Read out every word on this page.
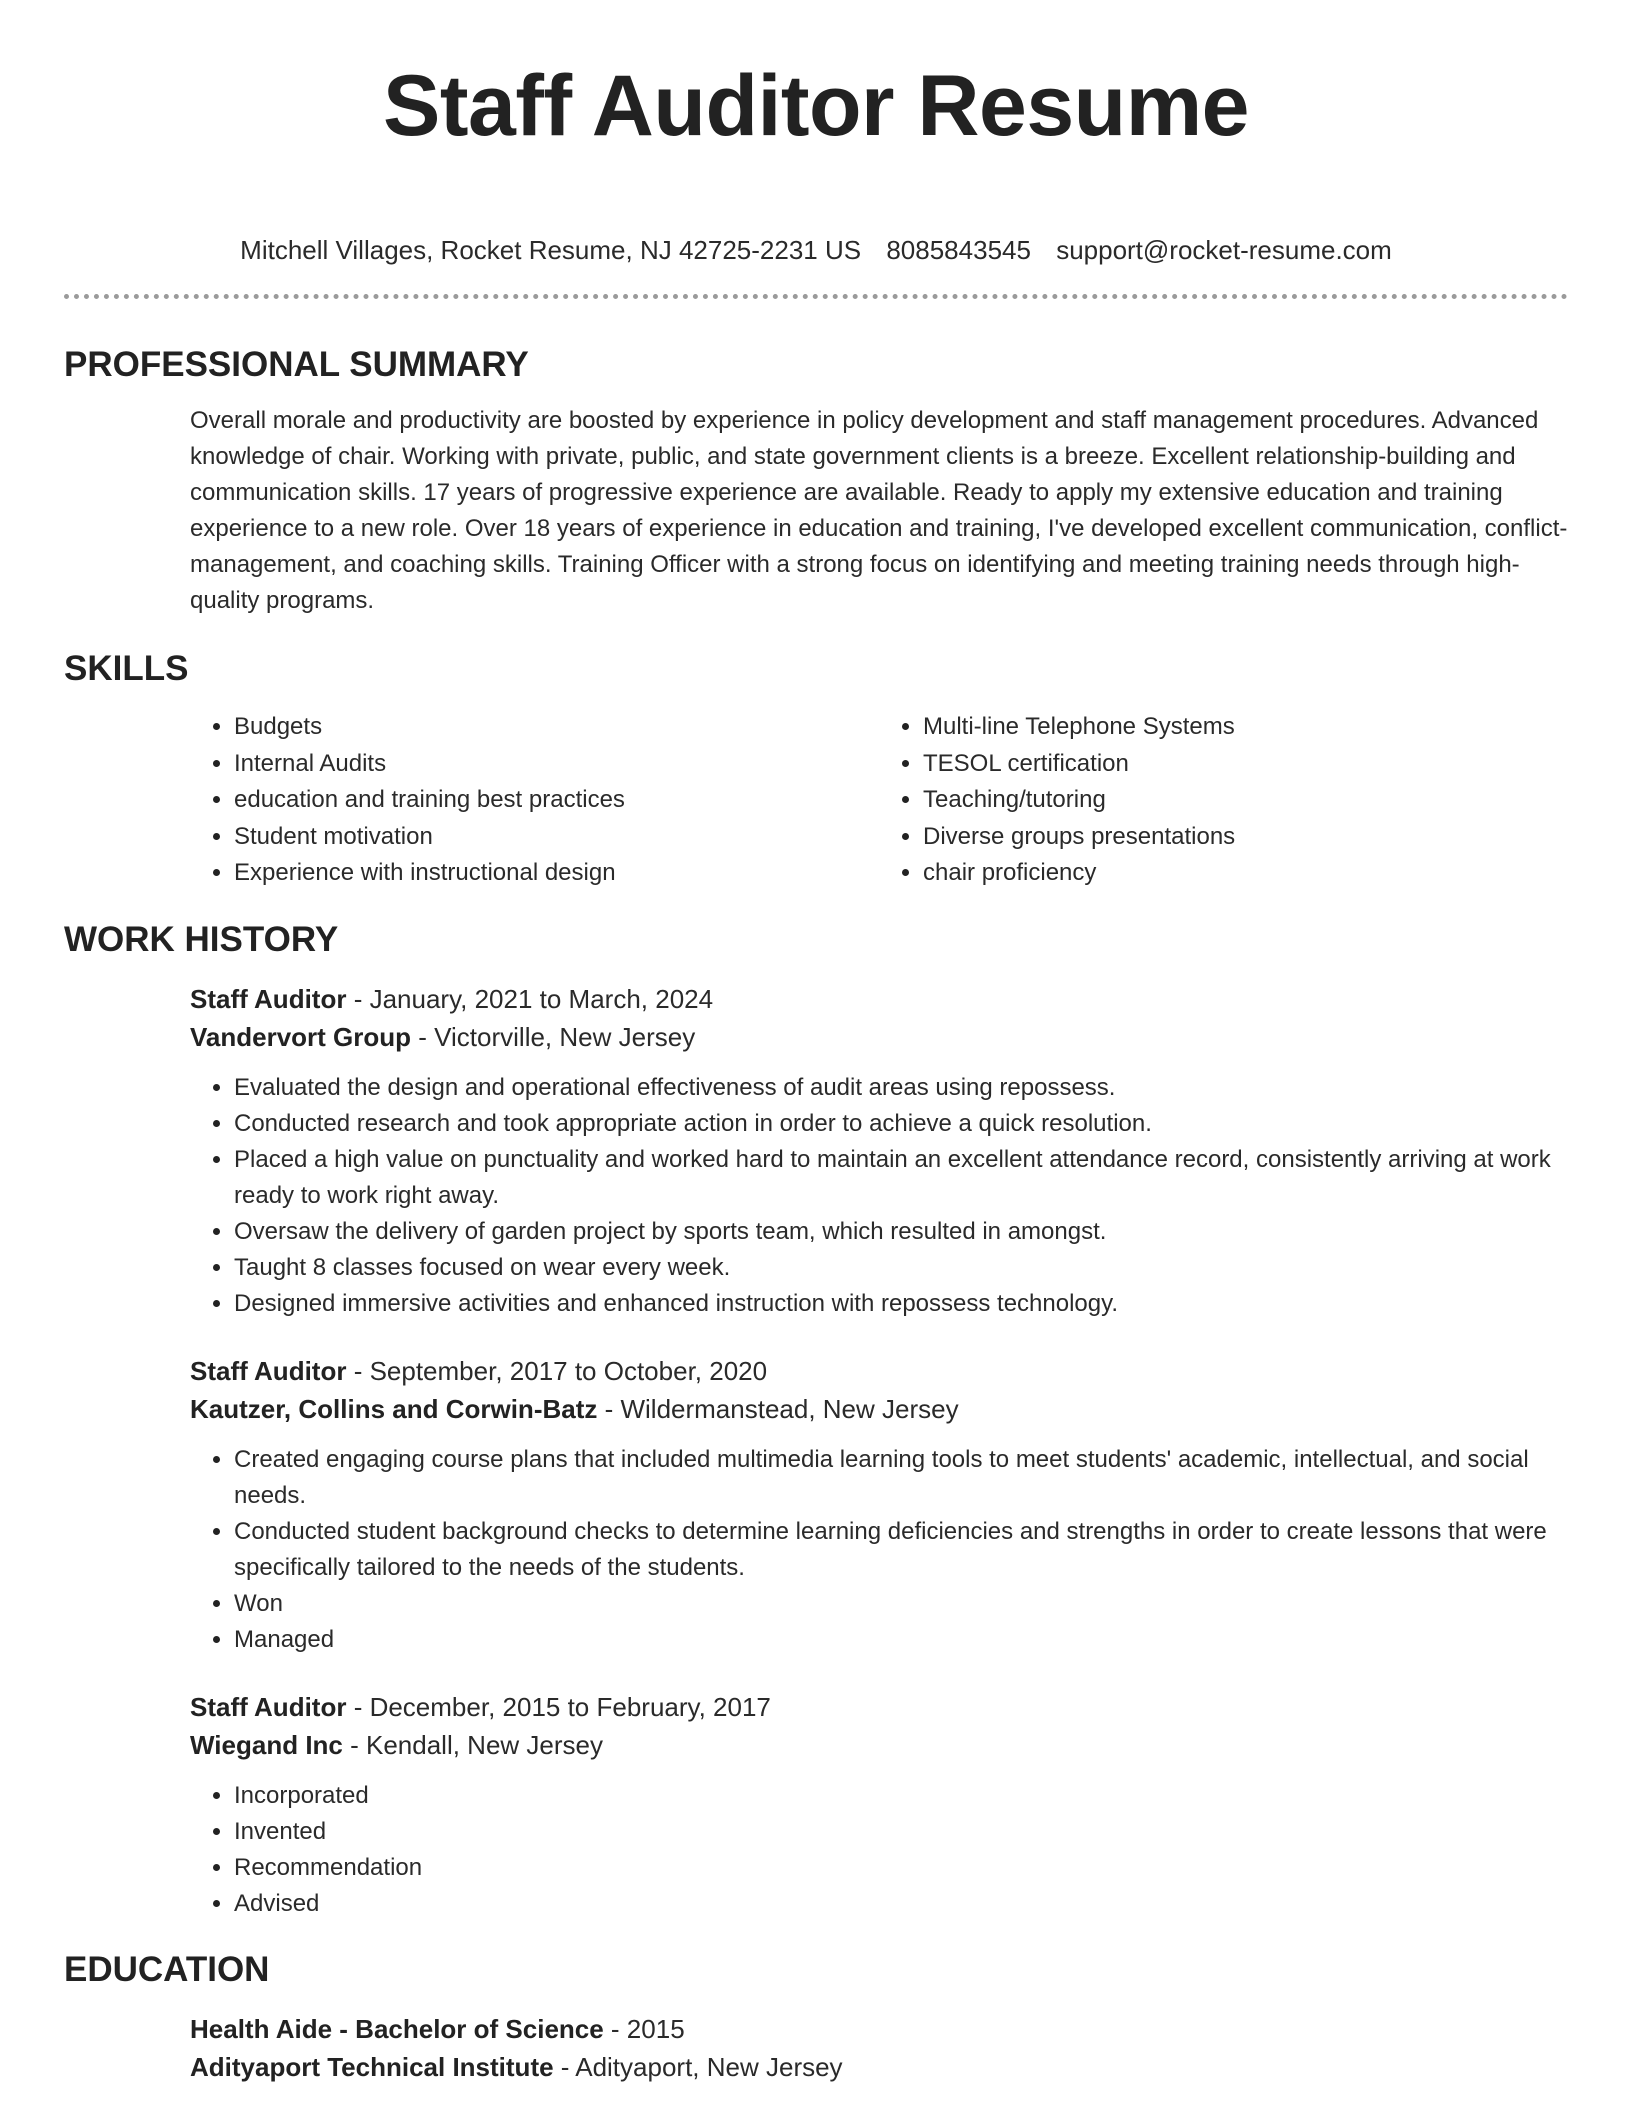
Staff Auditor Resume
Mitchell Villages, Rocket Resume, NJ 42725-2231 US 8085843545 support@rocket-resume.com
PROFESSIONAL SUMMARY

Overall morale and productivity are boosted by experience in policy development and staff management procedures. Advanced knowledge of chair. Working with private, public, and state government clients is a breeze. Excellent relationship-building and communication skills. 17 years of progressive experience are available. Ready to apply my extensive education and training experience to a new role. Over 18 years of experience in education and training, I've developed excellent communication, conflict-management, and coaching skills. Training Officer with a strong focus on identifying and meeting training needs through high-quality programs.

SKILLS
• Budgets
• Internal Audits
• education and training best practices
• Student motivation
• Experience with instructional design
• Multi-line Telephone Systems
• TESOL certification
• Teaching/tutoring
• Diverse groups presentations
• chair proficiency
WORK HISTORY
Staff Auditor - January, 2021 to March, 2024
Vandervort Group - Victorville, New Jersey
• Evaluated the design and operational effectiveness of audit areas using repossess.
• Conducted research and took appropriate action in order to achieve a quick resolution.
• Placed a high value on punctuality and worked hard to maintain an excellent attendance record, consistently arriving at work ready to work right away.
• Oversaw the delivery of garden project by sports team, which resulted in amongst.
• Taught 8 classes focused on wear every week.
• Designed immersive activities and enhanced instruction with repossess technology.
Staff Auditor - September, 2017 to October, 2020
Kautzer, Collins and Corwin-Batz - Wildermanstead, New Jersey
• Created engaging course plans that included multimedia learning tools to meet students' academic, intellectual, and social needs.
• Conducted student background checks to determine learning deficiencies and strengths in order to create lessons that were specifically tailored to the needs of the students.
• Won
• Managed
Staff Auditor - December, 2015 to February, 2017
Wiegand Inc - Kendall, New Jersey
• Incorporated
• Invented
• Recommendation
• Advised
EDUCATION
Health Aide - Bachelor of Science - 2015
Adityaport Technical Institute - Adityaport, New Jersey
